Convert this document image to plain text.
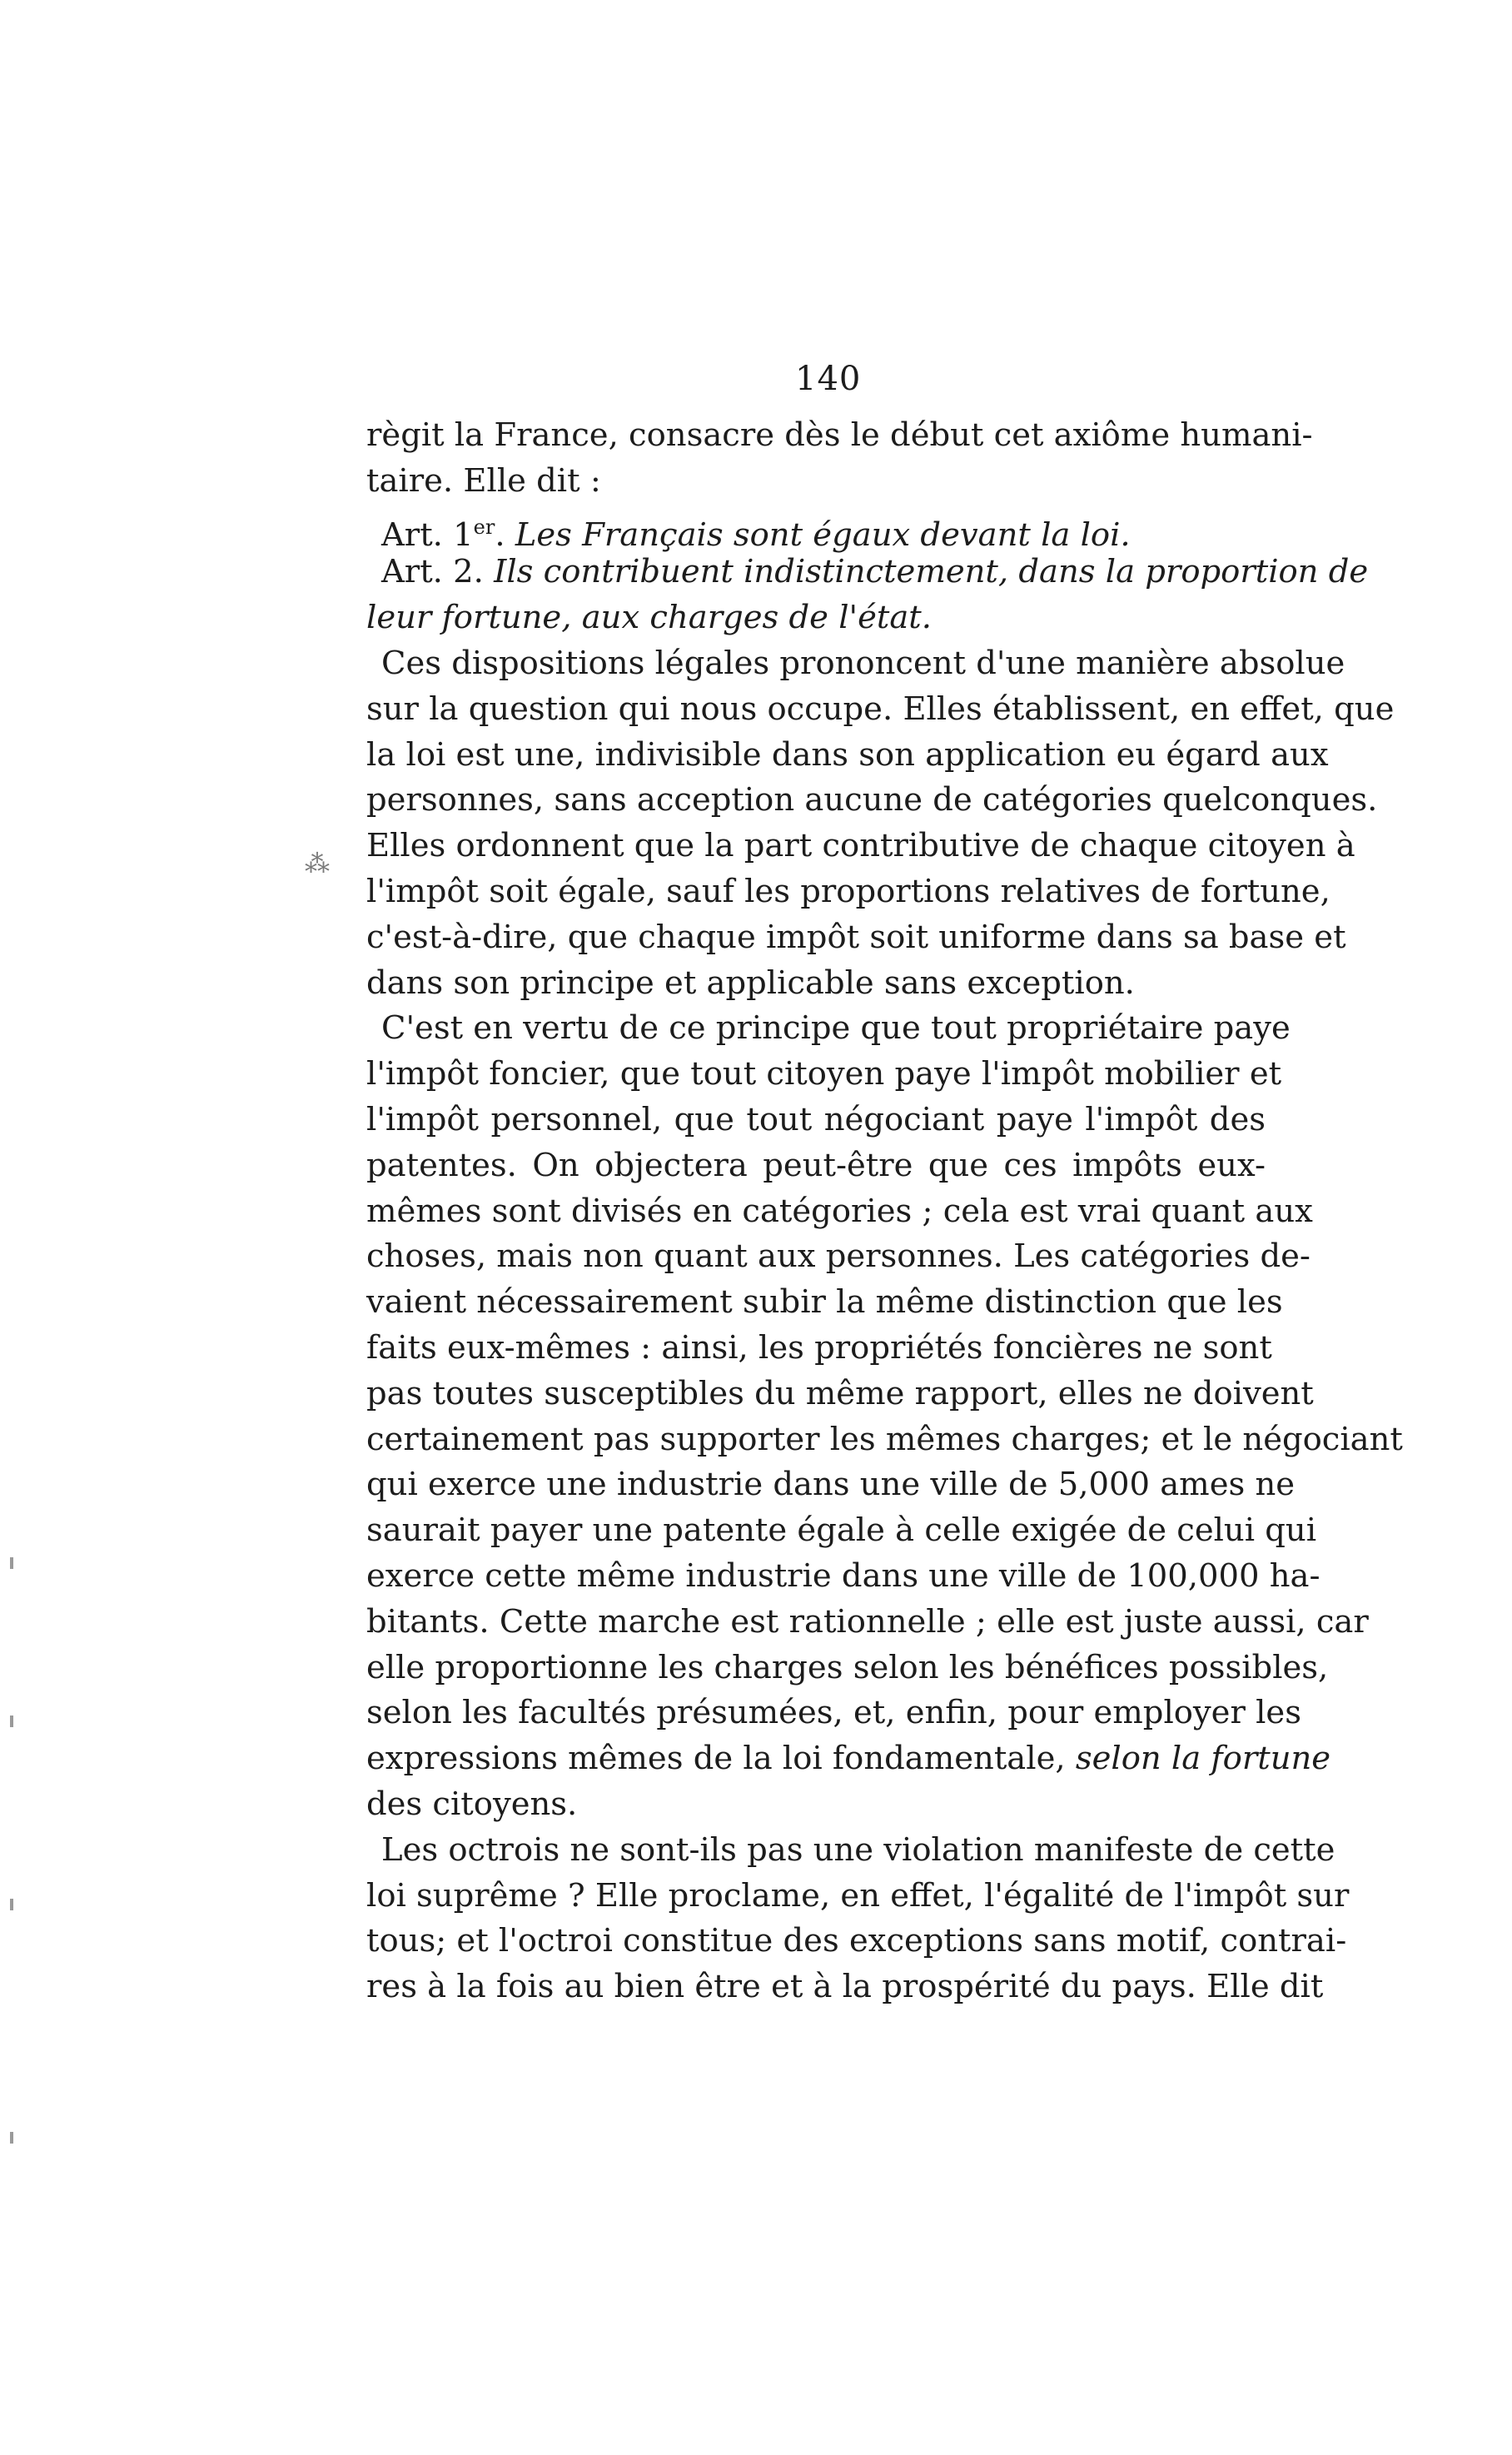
140
⁂
règit la France, consacre dès le début cet axiôme humani-
taire. Elle dit :
Art. 1er. Les Français sont égaux devant la loi.
Art. 2. Ils contribuent indistinctement, dans la proportion de
leur fortune, aux charges de l'état.
Ces dispositions légales prononcent d'une manière absolue
sur la question qui nous occupe. Elles établissent, en effet, que
la loi est une, indivisible dans son application eu égard aux
personnes, sans acception aucune de catégories quelconques.
Elles ordonnent que la part contributive de chaque citoyen à
l'impôt soit égale, sauf les proportions relatives de fortune,
c'est-à-dire, que chaque impôt soit uniforme dans sa base et
dans son principe et applicable sans exception.
C'est en vertu de ce principe que tout propriétaire paye
l'impôt foncier, que tout citoyen paye l'impôt mobilier et
l'impôt personnel, que tout négociant paye l'impôt des
patentes. On objectera peut-être que ces impôts eux-
mêmes sont divisés en catégories ; cela est vrai quant aux
choses, mais non quant aux personnes. Les catégories de-
vaient nécessairement subir la même distinction que les
faits eux-mêmes : ainsi, les propriétés foncières ne sont
pas toutes susceptibles du même rapport, elles ne doivent
certainement pas supporter les mêmes charges; et le négociant
qui exerce une industrie dans une ville de 5,000 ames ne
saurait payer une patente égale à celle exigée de celui qui
exerce cette même industrie dans une ville de 100,000 ha-
bitants. Cette marche est rationnelle ; elle est juste aussi, car
elle proportionne les charges selon les bénéfices possibles,
selon les facultés présumées, et, enfin, pour employer les
expressions mêmes de la loi fondamentale, selon la fortune
des citoyens.
Les octrois ne sont-ils pas une violation manifeste de cette
loi suprême ? Elle proclame, en effet, l'égalité de l'impôt sur
tous; et l'octroi constitue des exceptions sans motif, contrai-
res à la fois au bien être et à la prospérité du pays. Elle dit
